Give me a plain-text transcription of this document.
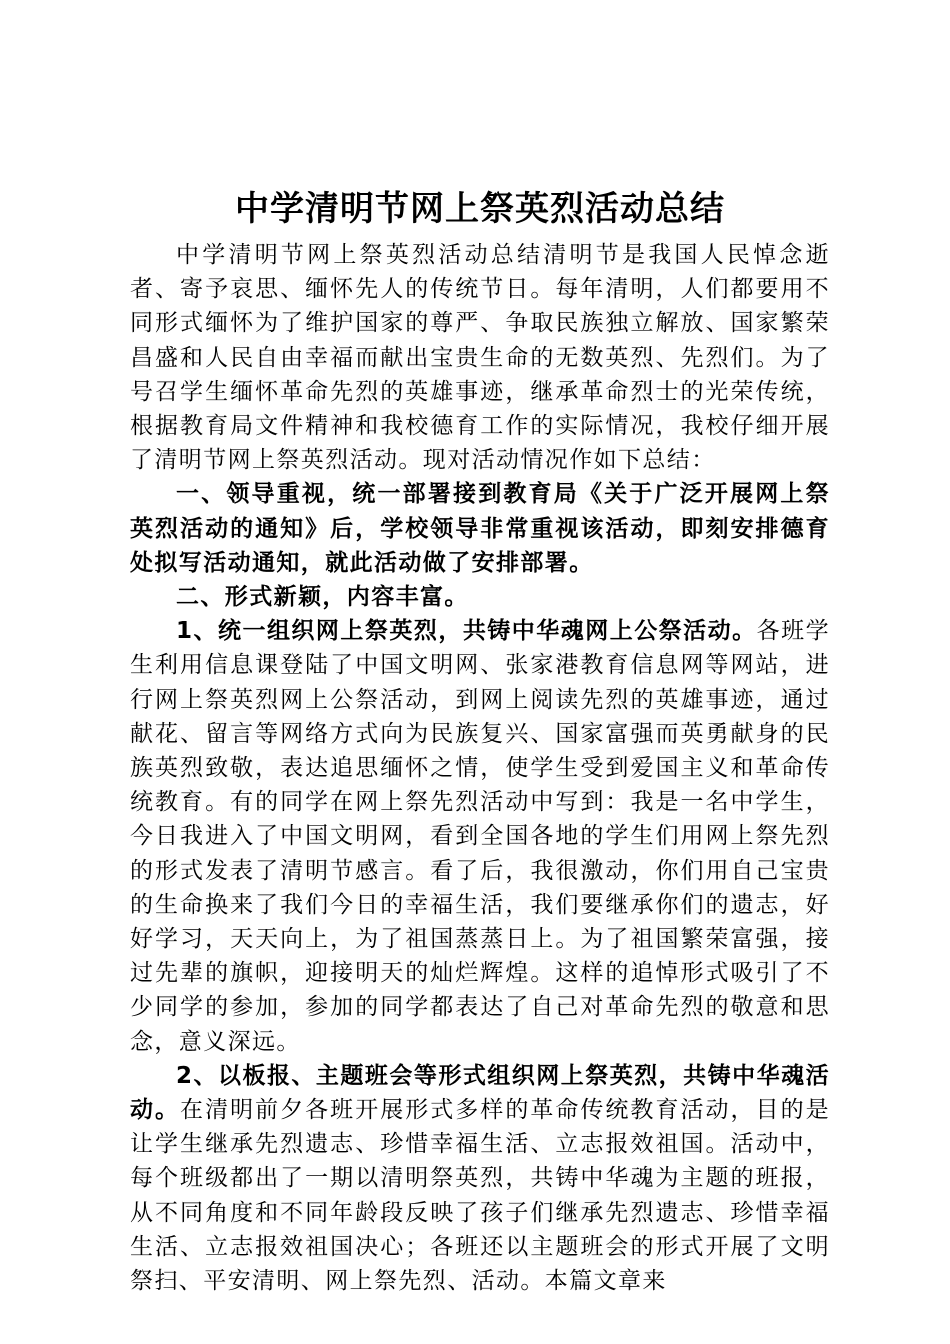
中学清明节网上祭英烈活动总结

中学清明节网上祭英烈活动总结清明节是我国人民悼念逝者、寄予哀思、缅怀先人的传统节日。每年清明，人们都要用不同形式缅怀为了维护国家的尊严、争取民族独立解放、国家繁荣昌盛和人民自由幸福而献出宝贵生命的无数英烈、先烈们。为了号召学生缅怀革命先烈的英雄事迹，继承革命烈士的光荣传统，根据教育局文件精神和我校德育工作的实际情况，我校仔细开展了清明节网上祭英烈活动。现对活动情况作如下总结：

一、领导重视，统一部署接到教育局《关于广泛开展网上祭英烈活动的通知》后，学校领导非常重视该活动，即刻安排德育处拟写活动通知，就此活动做了安排部署。

二、形式新颖，内容丰富。

1、统一组织网上祭英烈，共铸中华魂网上公祭活动。各班学生利用信息课登陆了中国文明网、张家港教育信息网等网站，进行网上祭英烈网上公祭活动，到网上阅读先烈的英雄事迹，通过献花、留言等网络方式向为民族复兴、国家富强而英勇献身的民族英烈致敬，表达追思缅怀之情，使学生受到爱国主义和革命传统教育。有的同学在网上祭先烈活动中写到：我是一名中学生，今日我进入了中国文明网，看到全国各地的学生们用网上祭先烈的形式发表了清明节感言。看了后，我很激动，你们用自己宝贵的生命换来了我们今日的幸福生活，我们要继承你们的遗志，好好学习，天天向上，为了祖国蒸蒸日上。为了祖国繁荣富强，接过先辈的旗帜，迎接明天的灿烂辉煌。这样的追悼形式吸引了不少同学的参加，参加的同学都表达了自己对革命先烈的敬意和思念，意义深远。

2、以板报、主题班会等形式组织网上祭英烈，共铸中华魂活动。在清明前夕各班开展形式多样的革命传统教育活动，目的是让学生继承先烈遗志、珍惜幸福生活、立志报效祖国。活动中，每个班级都出了一期以清明祭英烈，共铸中华魂为主题的班报，从不同角度和不同年龄段反映了孩子们继承先烈遗志、珍惜幸福生活、立志报效祖国决心；各班还以主题班会的形式开展了文明祭扫、平安清明、网上祭先烈、活动。本篇文章来
